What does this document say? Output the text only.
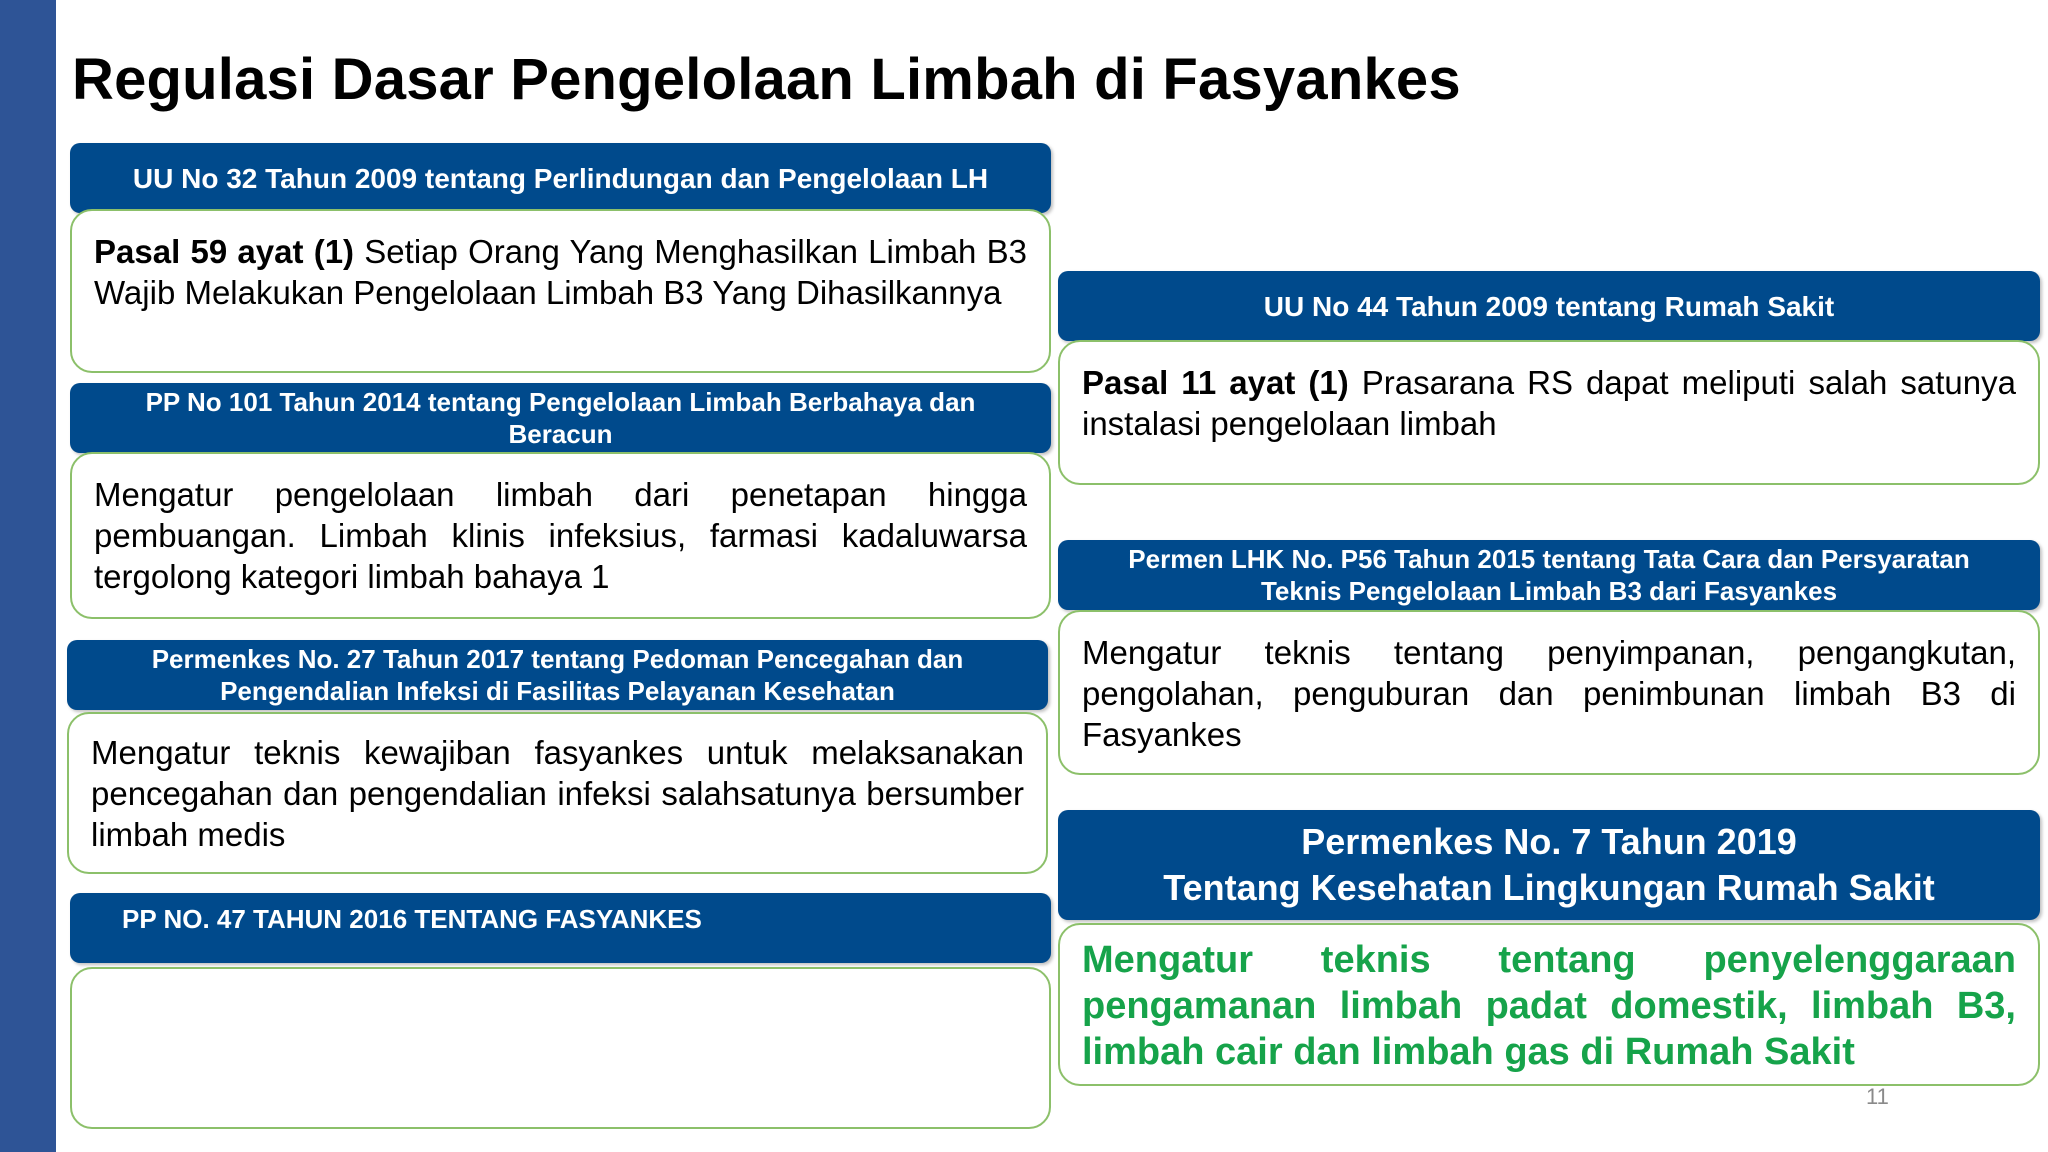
Regulasi Dasar Pengelolaan Limbah di Fasyankes
UU No 32 Tahun 2009 tentang Perlindungan dan Pengelolaan LH
Pasal 59 ayat (1) Setiap Orang Yang Menghasilkan Limbah B3 Wajib Melakukan Pengelolaan Limbah B3 Yang Dihasilkannya
PP No 101 Tahun 2014 tentang Pengelolaan Limbah Berbahaya dan Beracun
Mengatur pengelolaan limbah dari penetapan hingga pembuangan. Limbah klinis infeksius, farmasi kadaluwarsa tergolong kategori limbah bahaya 1
Permenkes No. 27 Tahun 2017 tentang Pedoman Pencegahan dan Pengendalian Infeksi di Fasilitas Pelayanan Kesehatan
Mengatur teknis kewajiban fasyankes untuk melaksanakan pencegahan dan pengendalian infeksi salahsatunya bersumber limbah medis
PP NO. 47 TAHUN 2016 TENTANG FASYANKES
UU No 44 Tahun 2009 tentang Rumah Sakit
Pasal 11 ayat (1) Prasarana RS dapat meliputi salah satunya instalasi pengelolaan limbah
Permen LHK No. P56 Tahun 2015 tentang Tata Cara dan Persyaratan Teknis Pengelolaan Limbah B3 dari Fasyankes
Mengatur teknis tentang penyimpanan, pengangkutan, pengolahan, penguburan dan penimbunan limbah B3 di Fasyankes
Permenkes No. 7 Tahun 2019
Tentang Kesehatan Lingkungan Rumah Sakit
Mengatur teknis tentang penyelenggaraan pengamanan limbah padat domestik, limbah B3, limbah cair dan limbah gas di Rumah Sakit
11
